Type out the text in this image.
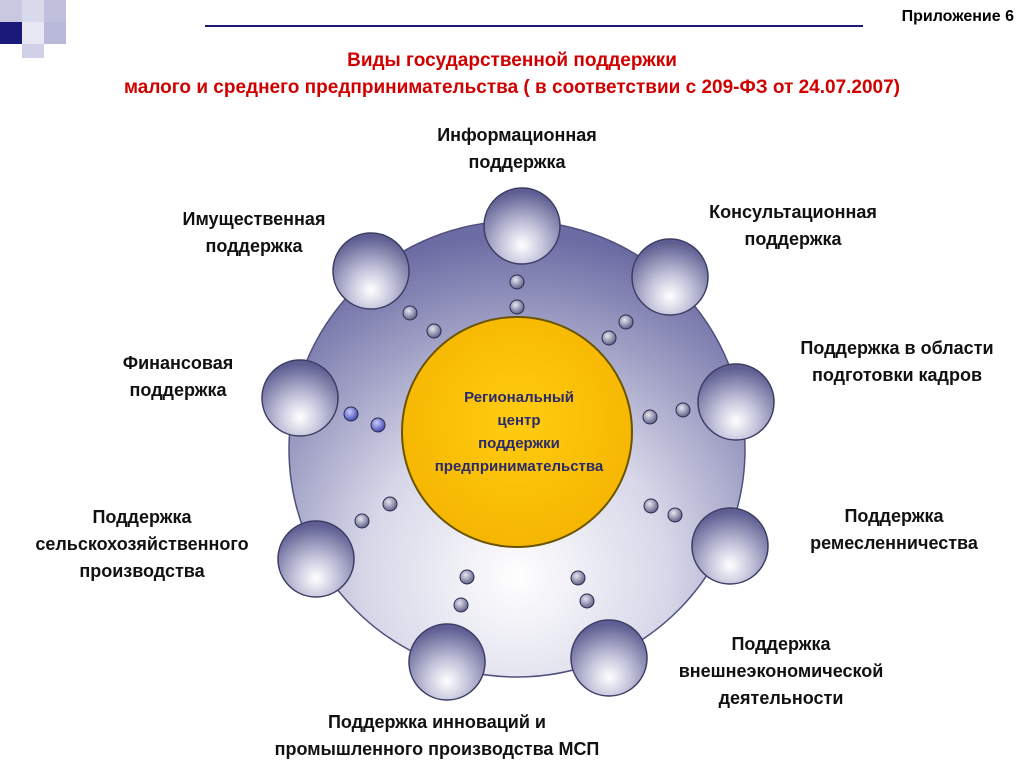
Приложение 6
Виды государственной поддержки
малого и среднего предпринимательства ( в соответствии с 209-ФЗ от 24.07.2007)
Региональный
центр
поддержки
предпринимательства
Информационная
поддержка
Консультационная
поддержка
Поддержка в области
подготовки кадров
Поддержка
ремесленничества
Поддержка
внешнеэкономической
деятельности
Поддержка инноваций и
промышленного производства МСП
Поддержка
сельскохозяйственного
производства
Финансовая
поддержка
Имущественная
поддержка
